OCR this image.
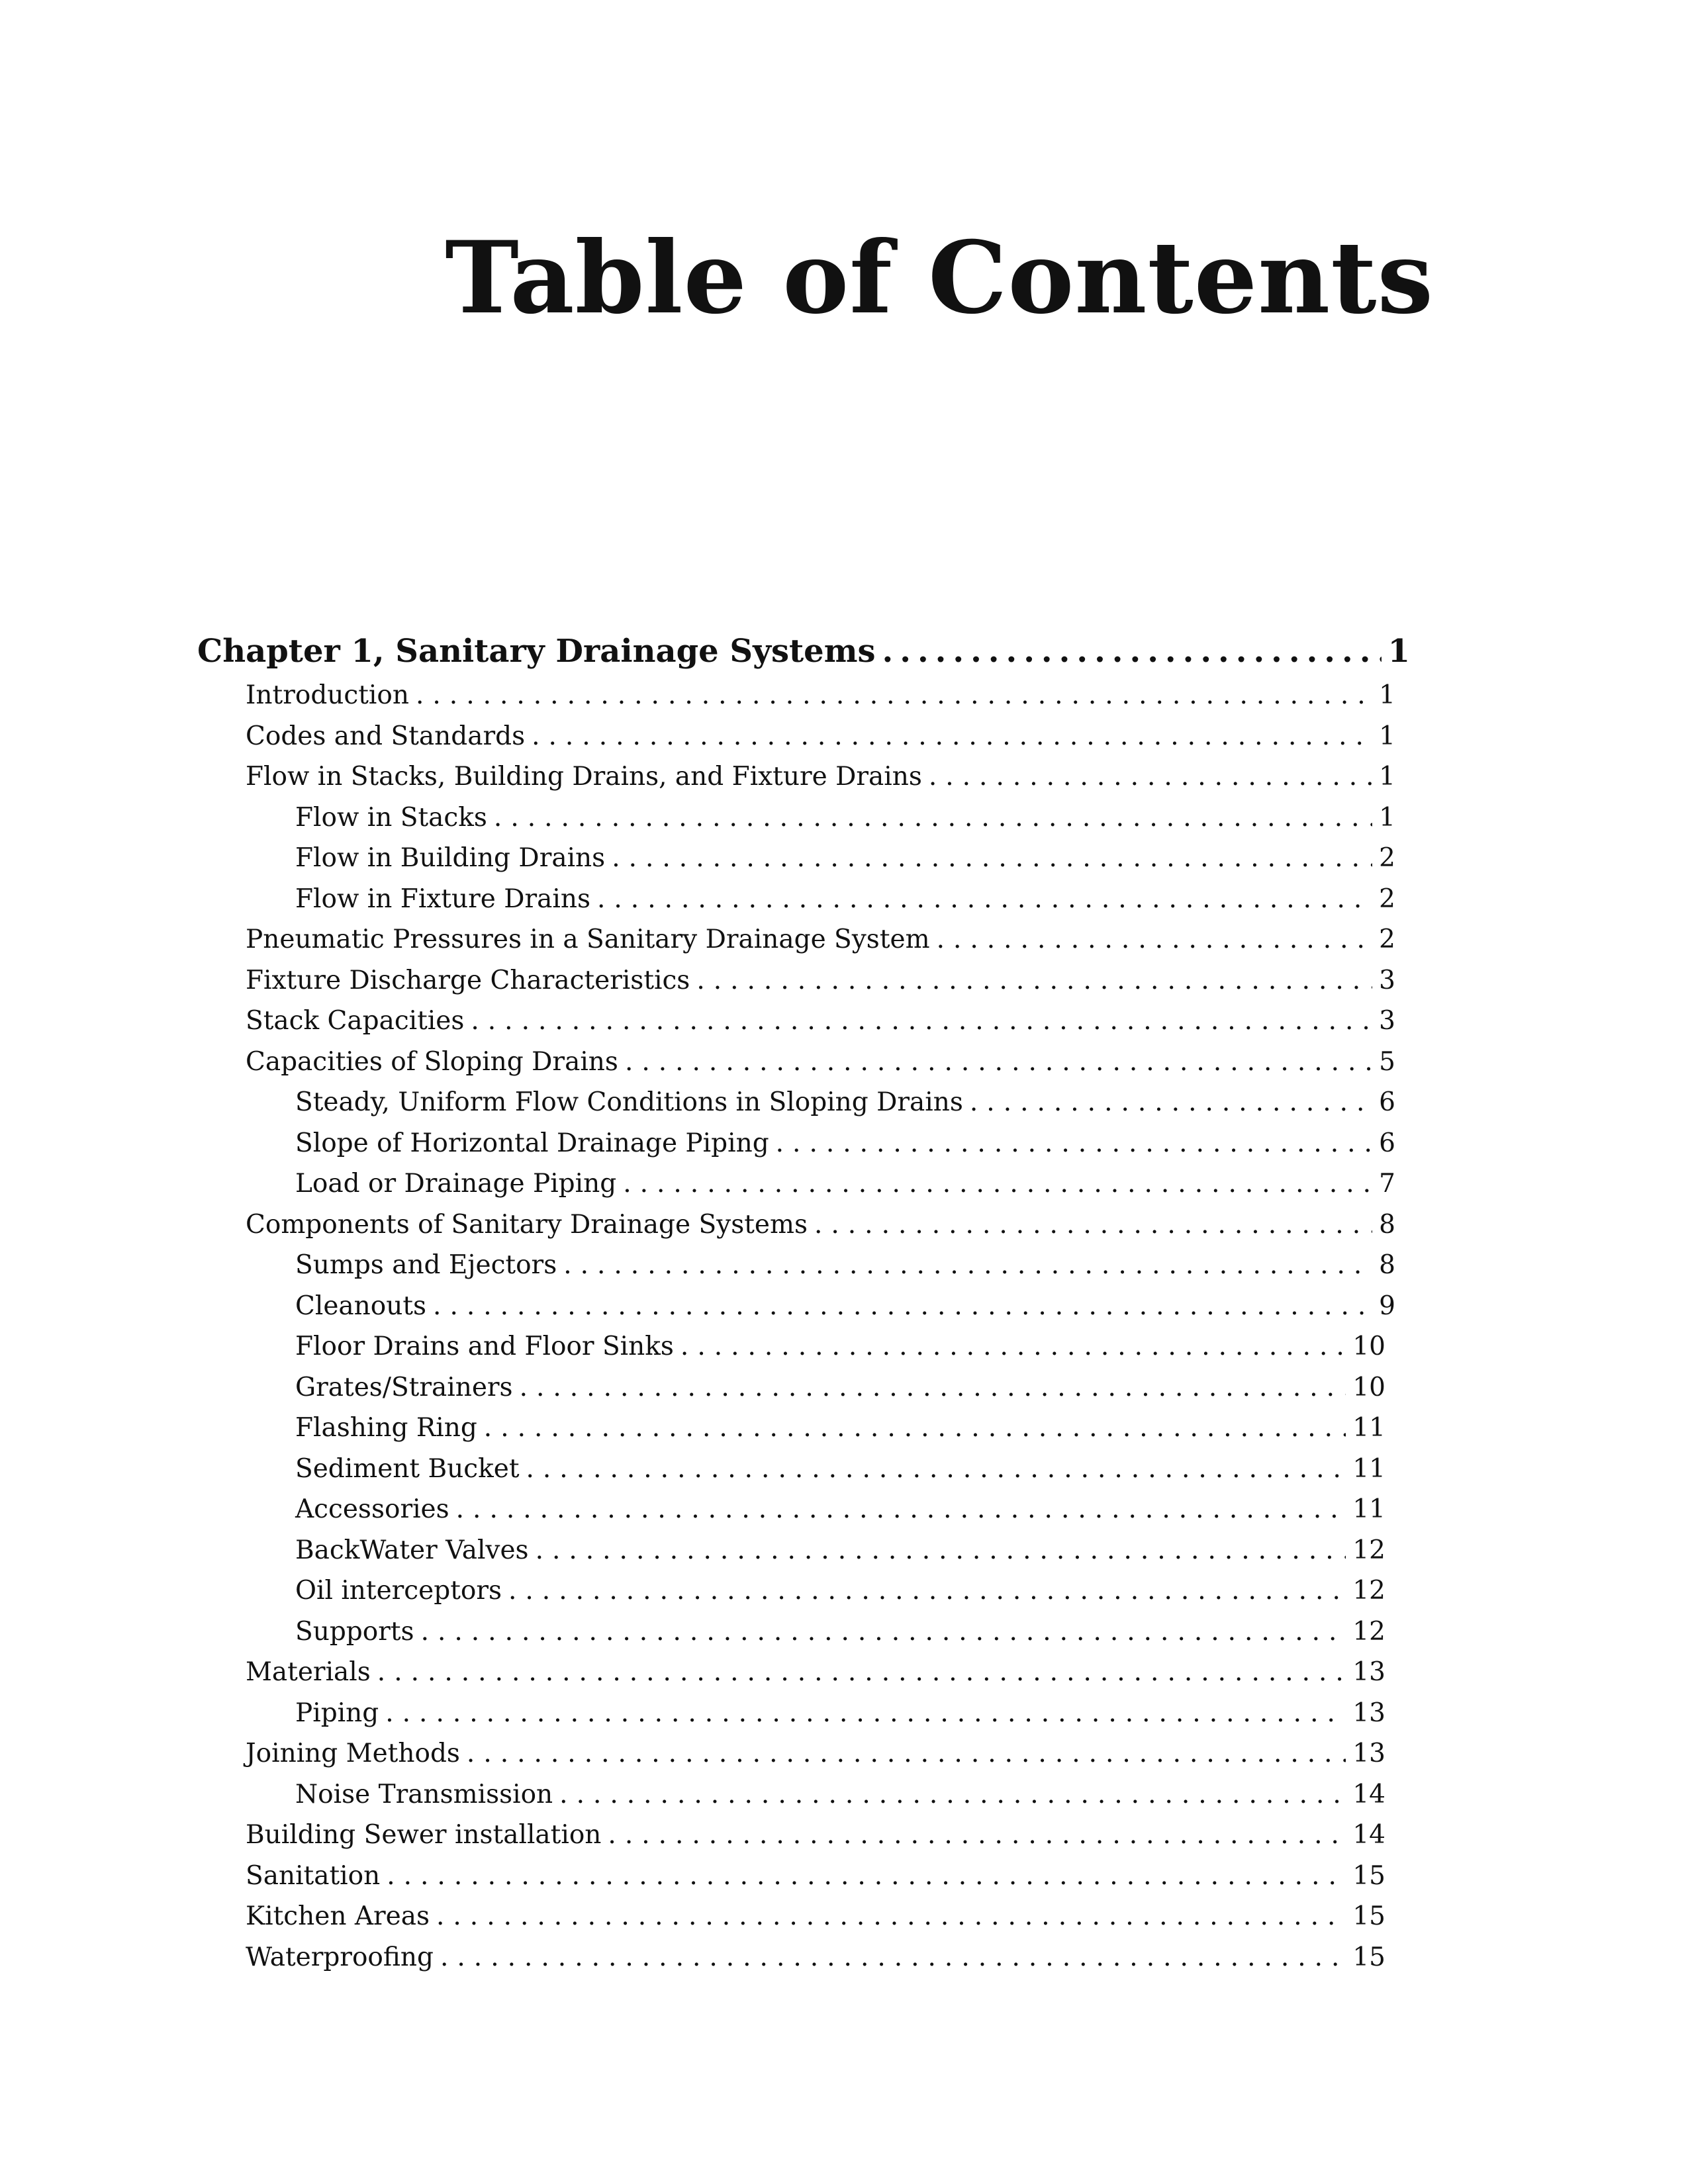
Table of Contents
Chapter 1, Sanitary Drainage Systems .....	1
Introduction .....	1
Codes and Standards .....	1
Flow in Stacks, Building Drains, and Fixture Drains .....	1
Flow in Stacks .....	1
Flow in Building Drains .....	2
Flow in Fixture Drains .....	2
Pneumatic Pressures in a Sanitary Drainage System .....	2
Fixture Discharge Characteristics .....	3
Stack Capacities .....	3
Capacities of Sloping Drains .....	5
Steady, Uniform Flow Conditions in Sloping Drains .....	6
Slope of Horizontal Drainage Piping .....	6
Load or Drainage Piping .....	7
Components of Sanitary Drainage Systems .....	8
Sumps and Ejectors .....	8
Cleanouts .....	9
Floor Drains and Floor Sinks .....	10
Grates/Strainers .....	10
Flashing Ring .....	11
Sediment Bucket .....	11
Accessories .....	11
BackWater Valves .....	12
Oil interceptors .....	12
Supports .....	12
Materials .....	13
Piping .....	13
Joining Methods .....	13
Noise Transmission .....	14
Building Sewer installation .....	14
Sanitation .....	15
Kitchen Areas .....	15
Waterproofing .....	15
